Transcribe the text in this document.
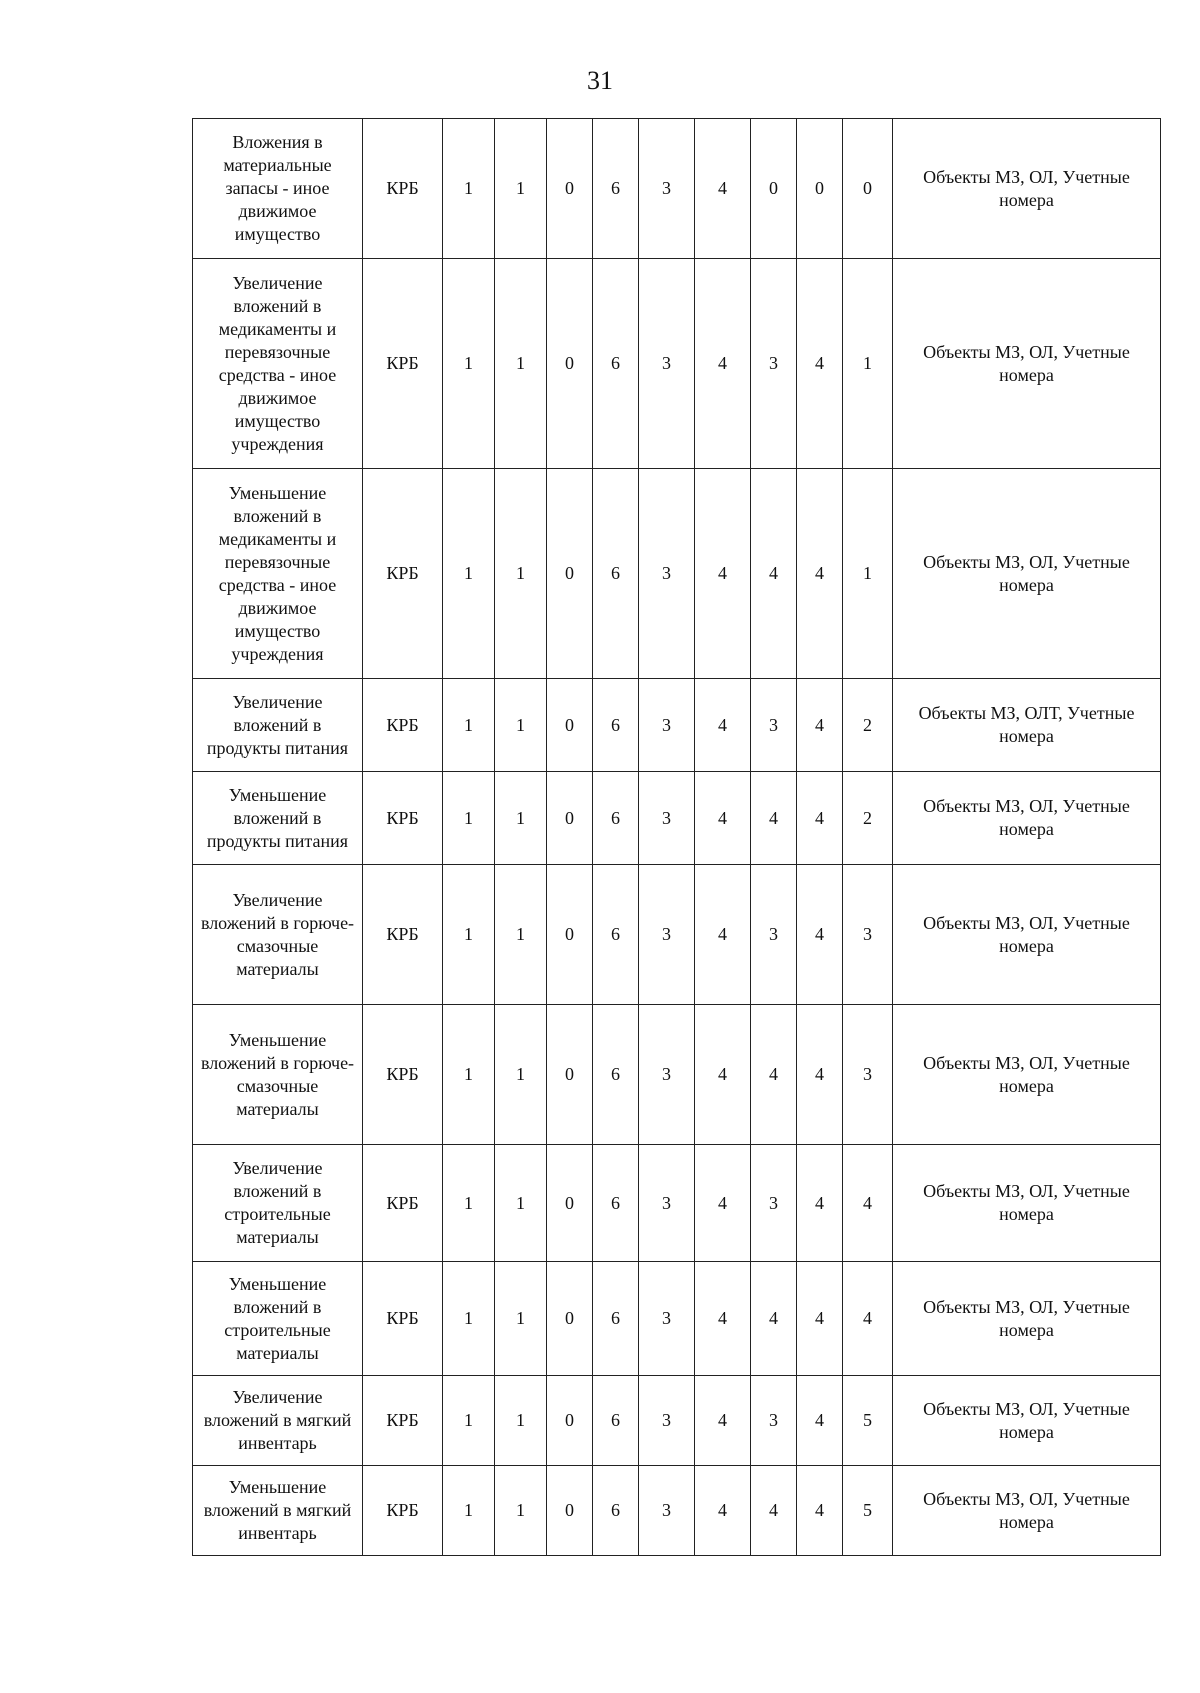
31
Вложения в материальные запасы - иное движимое имущество	КРБ	1	1	0	6	3	4	0	0	0	Объекты МЗ, ОЛ, Учетные номера
Увеличение вложений в медикаменты и перевязочные средства - иное движимое имущество учреждения	КРБ	1	1	0	6	3	4	3	4	1	Объекты МЗ, ОЛ, Учетные номера
Уменьшение вложений в медикаменты и перевязочные средства - иное движимое имущество учреждения	КРБ	1	1	0	6	3	4	4	4	1	Объекты МЗ, ОЛ, Учетные номера
Увеличение вложений в продукты питания	КРБ	1	1	0	6	3	4	3	4	2	Объекты МЗ, ОЛТ, Учетные номера
Уменьшение вложений в продукты питания	КРБ	1	1	0	6	3	4	4	4	2	Объекты МЗ, ОЛ, Учетные номера
Увеличение вложений в горюче-смазочные материалы	КРБ	1	1	0	6	3	4	3	4	3	Объекты МЗ, ОЛ, Учетные номера
Уменьшение вложений в горюче-смазочные материалы	КРБ	1	1	0	6	3	4	4	4	3	Объекты МЗ, ОЛ, Учетные номера
Увеличение вложений в строительные материалы	КРБ	1	1	0	6	3	4	3	4	4	Объекты МЗ, ОЛ, Учетные номера
Уменьшение вложений в строительные материалы	КРБ	1	1	0	6	3	4	4	4	4	Объекты МЗ, ОЛ, Учетные номера
Увеличение вложений в мягкий инвентарь	КРБ	1	1	0	6	3	4	3	4	5	Объекты МЗ, ОЛ, Учетные номера
Уменьшение вложений в мягкий инвентарь	КРБ	1	1	0	6	3	4	4	4	5	Объекты МЗ, ОЛ, Учетные номера
